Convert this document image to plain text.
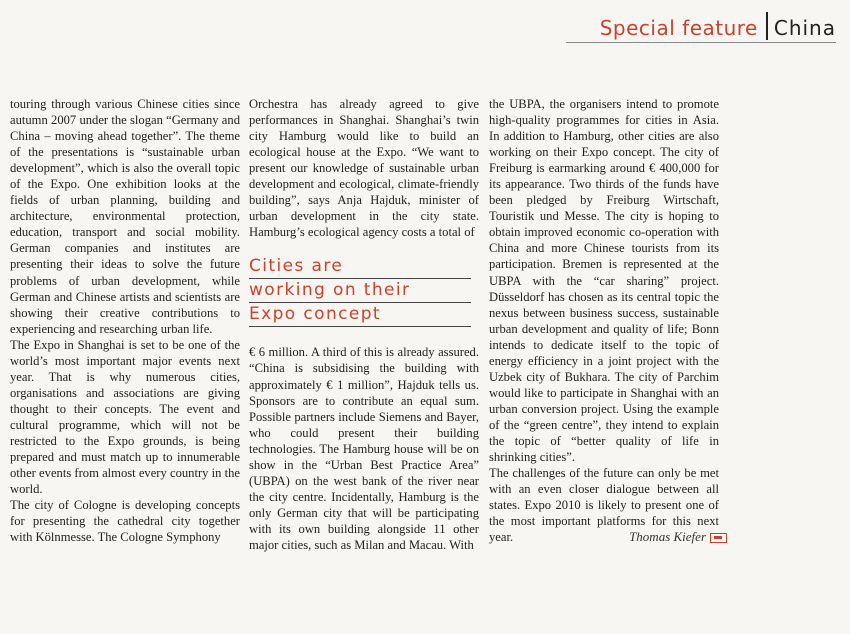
Special feature China

touring through various Chinese cities since autumn 2007 under the slogan “Germany and China – moving ahead together”. The theme of the presentations is “sustainable urban development”, which is also the overall topic of the Expo. One exhibition looks at the fields of urban planning, building and architecture, environmental protection, education, transport and social mobility. German companies and institutes are presenting their ideas to solve the future problems of urban development, while German and Chinese artists and scientists are showing their creative contributions to experiencing and researching urban life.

The Expo in Shanghai is set to be one of the world’s most important major events next year. That is why numerous cities, organisations and associations are giving thought to their concepts. The event and cultural programme, which will not be restricted to the Expo grounds, is being prepared and must match up to innumerable other events from almost every country in the world.

The city of Cologne is developing concepts for presenting the cathedral city together with Kölnmesse. The Cologne Symphony

Orchestra has already agreed to give performances in Shanghai. Shanghai’s twin city Hamburg would like to build an ecological house at the Expo. “We want to present our knowledge of sustainable urban development and ecological, climate-friendly building”, says Anja Hajduk, minister of urban development in the city state. Hamburg’s ecological agency costs a total of

Cities are
working on their
Expo concept

€ 6 million. A third of this is already assured. “China is subsidising the building with approximately € 1 million”, Hajduk tells us. Sponsors are to contribute an equal sum. Possible partners include Siemens and Bayer, who could present their building technologies. The Hamburg house will be on show in the “Urban Best Practice Area” (UBPA) on the west bank of the river near the city centre. Incidentally, Hamburg is the only German city that will be participating with its own building alongside 11 other major cities, such as Milan and Macau. With

the UBPA, the organisers intend to promote high-quality programmes for cities in Asia. In addition to Hamburg, other cities are also working on their Expo concept. The city of Freiburg is earmarking around € 400,000 for its appearance. Two thirds of the funds have been pledged by Freiburg Wirtschaft, Touristik und Messe. The city is hoping to obtain improved economic co-operation with China and more Chinese tourists from its participation. Bremen is represented at the UBPA with the “car sharing” project. Düsseldorf has chosen as its central topic the nexus between business success, sustainable urban development and quality of life; Bonn intends to dedicate itself to the topic of energy efficiency in a joint project with the Uzbek city of Bukhara. The city of Parchim would like to participate in Shanghai with an urban conversion project. Using the example of the “green centre”, they intend to explain the topic of “better quality of life in shrinking cities”.

The challenges of the future can only be met with an even closer dialogue between all states. Expo 2010 is likely to present one of the most important platforms for this next year.	Thomas Kiefer
